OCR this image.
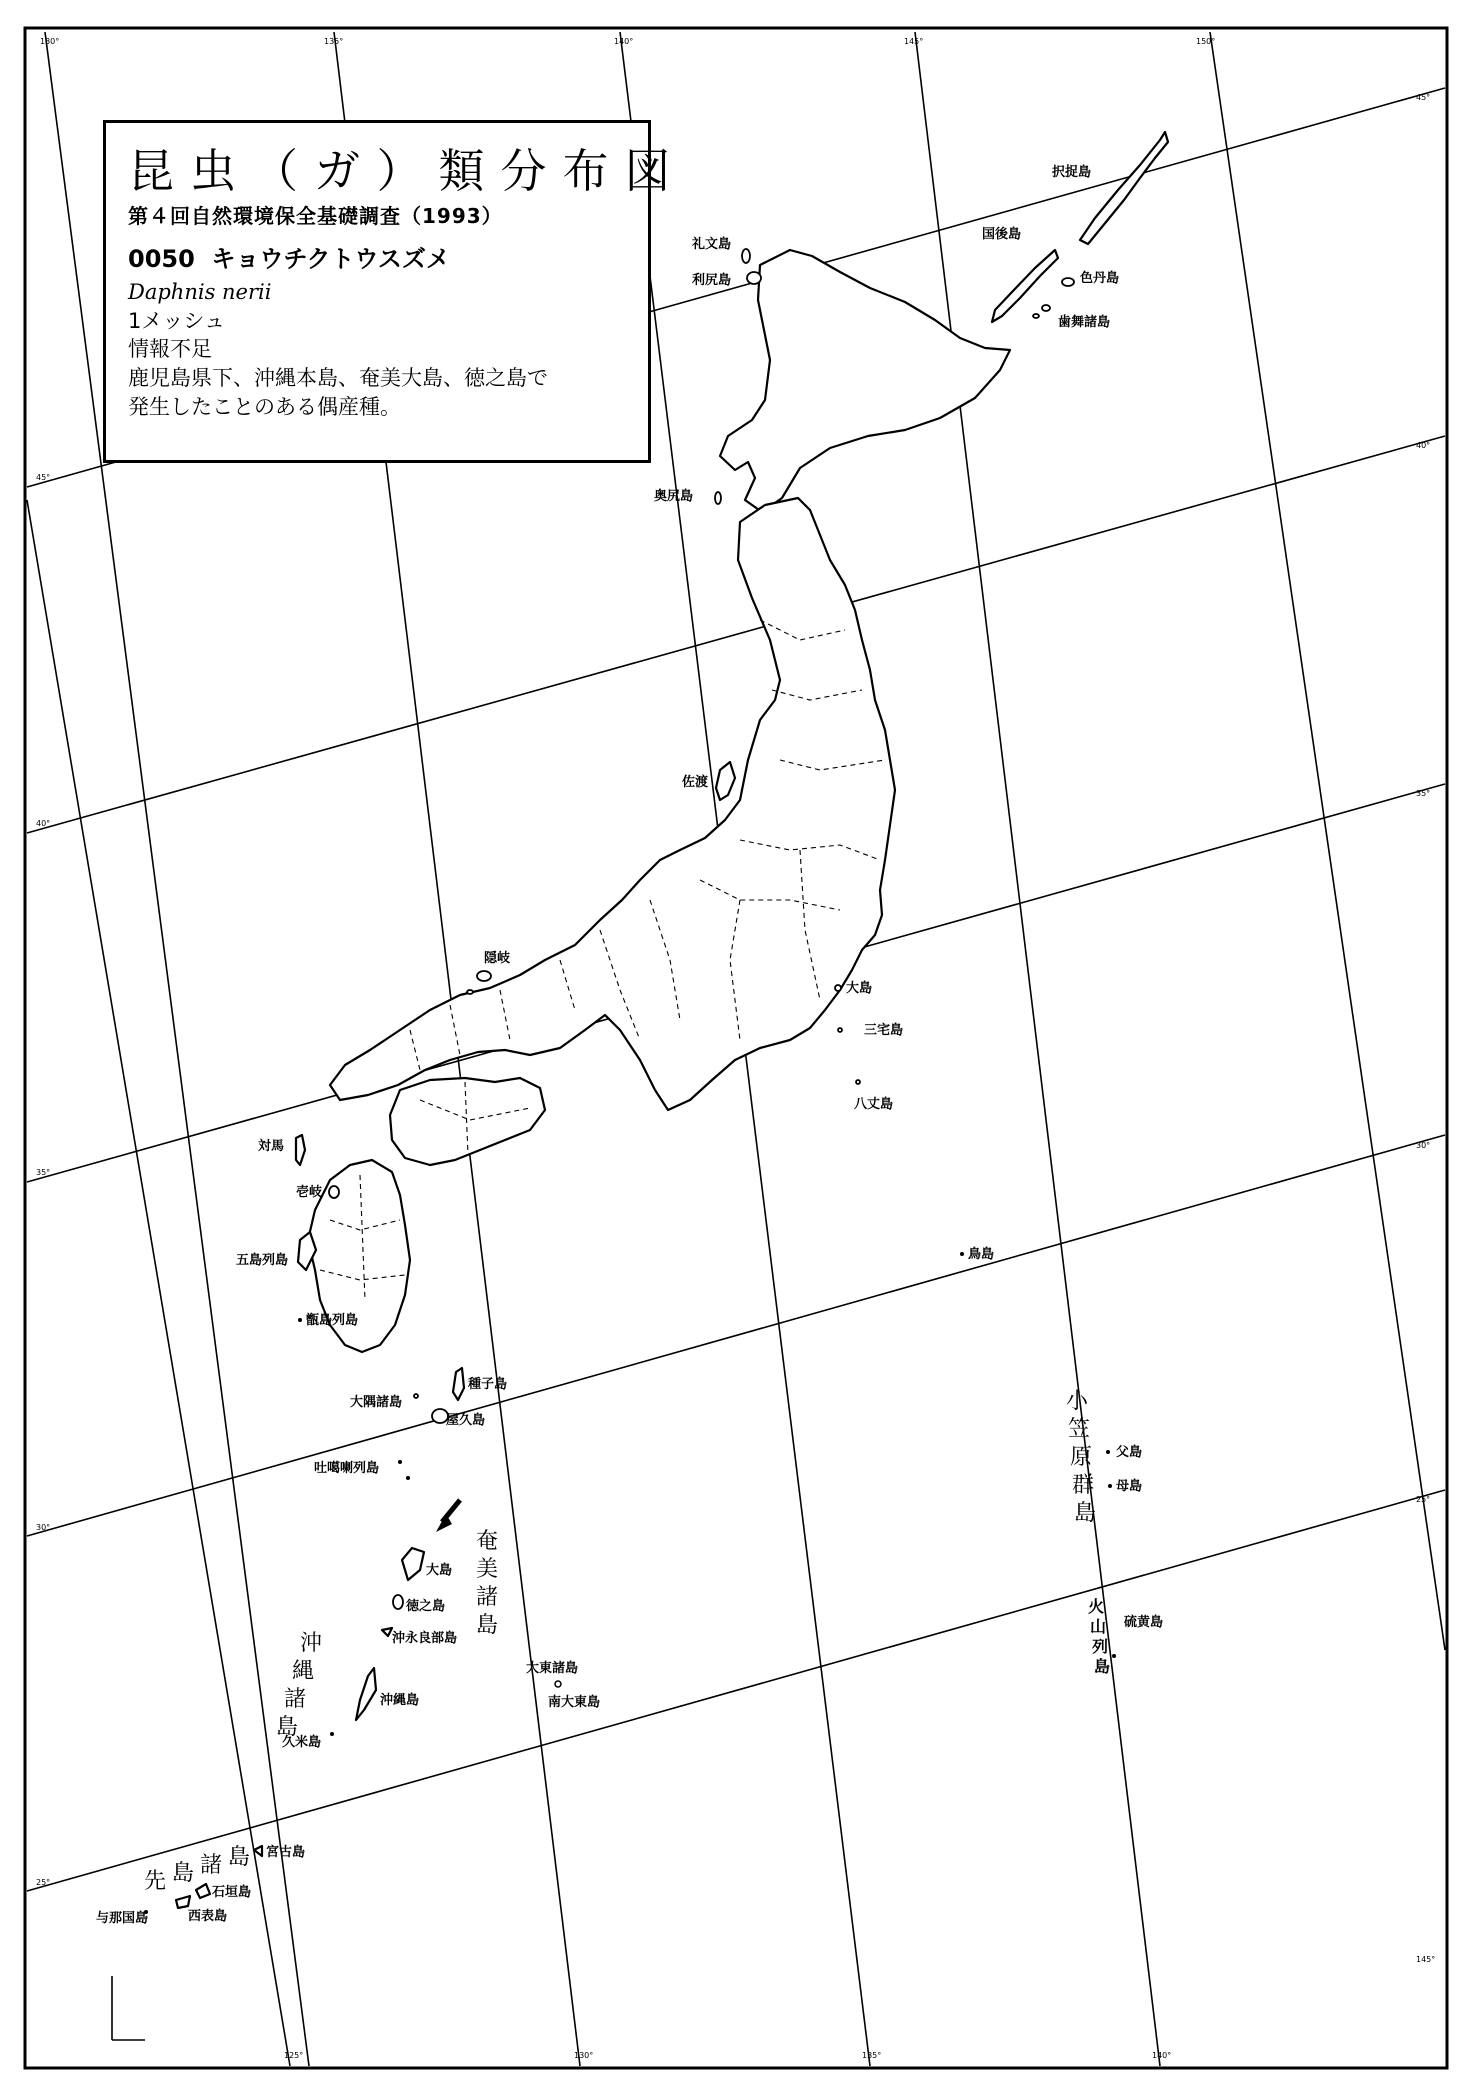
130°	135°	140°	145°	150°
125°	130°	135°	140°
45°
40°
35°
30°
25°
45°
40°
35°
30°
25°
145°
択捉島
国後島
色丹島
歯舞諸島
礼文島
利尻島
奥尻島
佐渡
隠岐
大島
三宅島
八丈島
鳥島
対馬
壱岐
五島列島
甑島列島
種子島
大隅諸島
屋久島
吐噶喇列島
大島
徳之島
沖永良部島
沖縄島
久米島
大東諸島
南大東島
父島
母島
硫黄島
宮古島
石垣島
西表島
与那国島
奄
美
諸
島
沖
縄
諸
島
小
笠
原
群
島
火
山
列
島
先 島 諸 島
昆虫（ガ）類分布図
第４回自然環境保全基礎調査（1993）
0050 キョウチクトウスズメ
Daphnis nerii
1メッシュ
情報不足
鹿児島県下、沖縄本島、奄美大島、徳之島で
発生したことのある偶産種。
